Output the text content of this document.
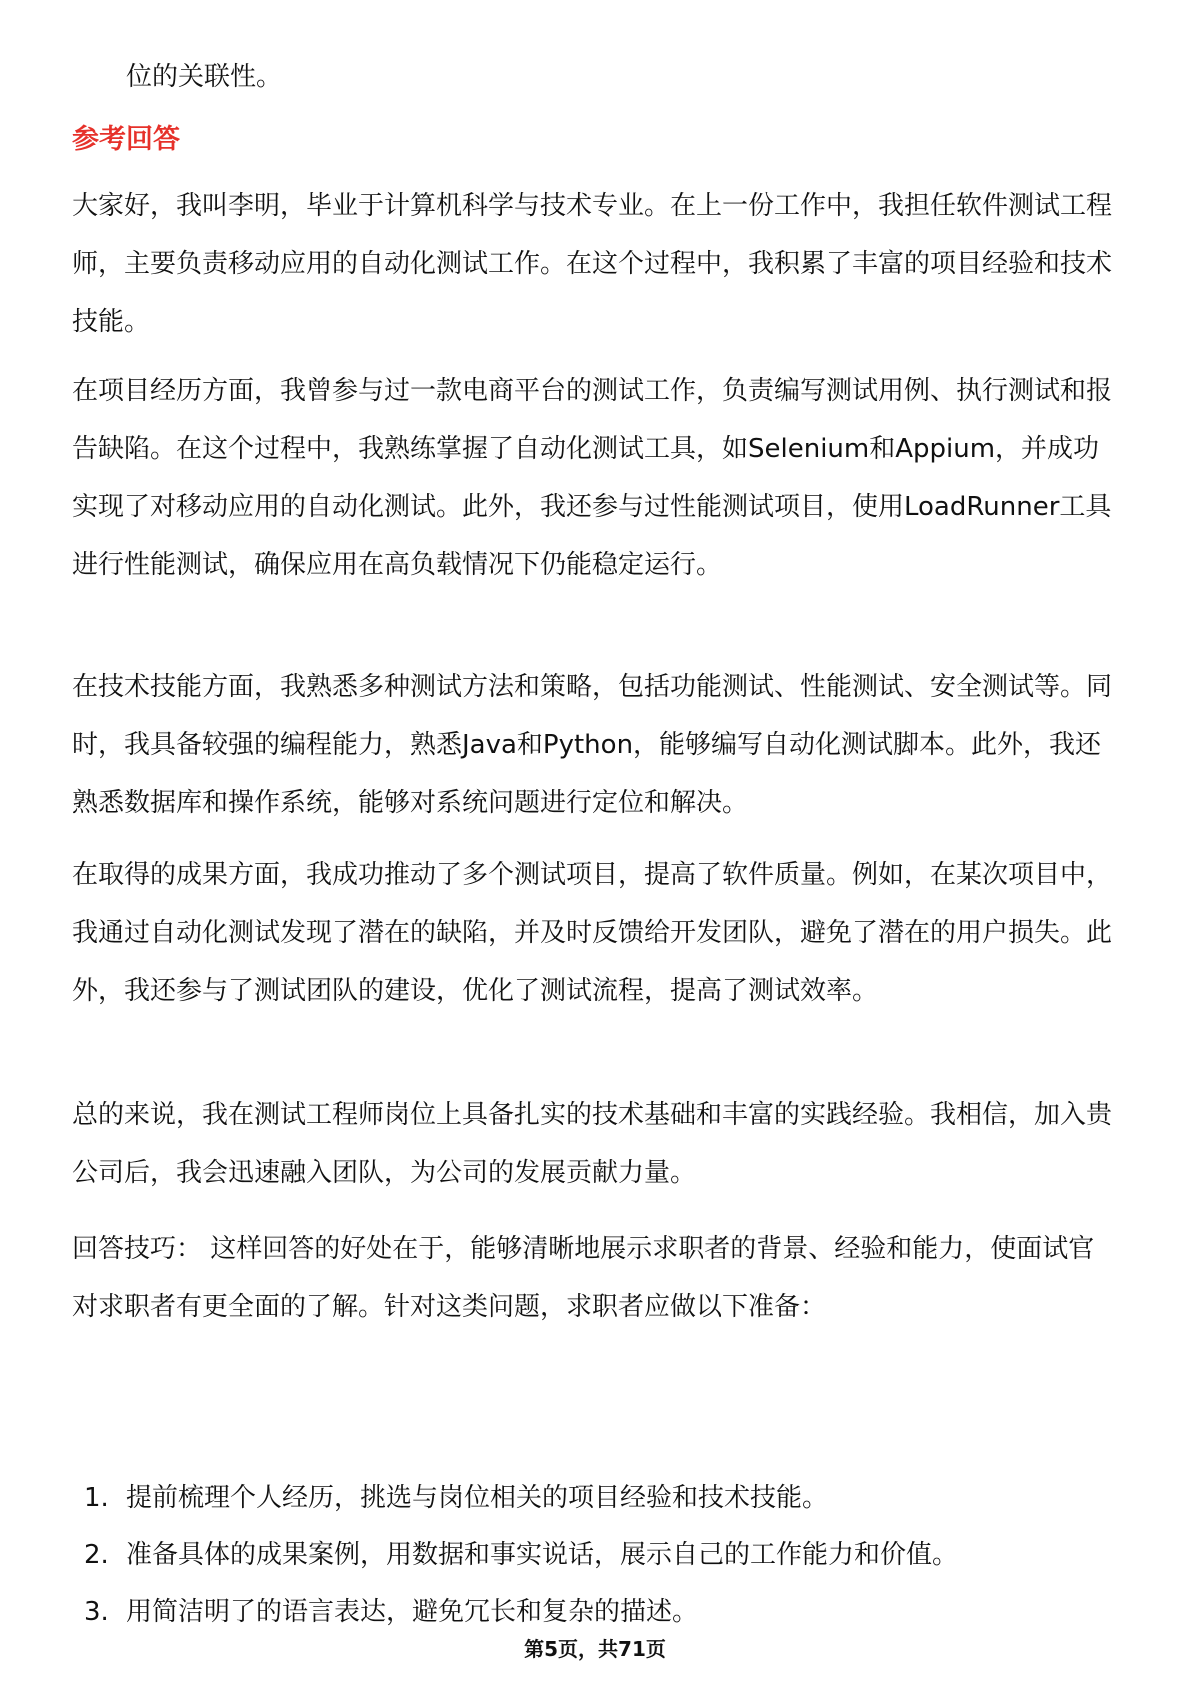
位的关联性。
参考回答

大家好，我叫李明，毕业于计算机科学与技术专业。在上一份工作中，我担任软件测试工程师，主要负责移动应用的自动化测试工作。在这个过程中，我积累了丰富的项目经验和技术技能。

在项目经历方面，我曾参与过一款电商平台的测试工作，负责编写测试用例、执行测试和报告缺陷。在这个过程中，我熟练掌握了自动化测试工具，如Selenium和Appium，并成功实现了对移动应用的自动化测试。此外，我还参与过性能测试项目，使用LoadRunner工具进行性能测试，确保应用在高负载情况下仍能稳定运行。

在技术技能方面，我熟悉多种测试方法和策略，包括功能测试、性能测试、安全测试等。同时，我具备较强的编程能力，熟悉Java和Python，能够编写自动化测试脚本。此外，我还熟悉数据库和操作系统，能够对系统问题进行定位和解决。

在取得的成果方面，我成功推动了多个测试项目，提高了软件质量。例如，在某次项目中，我通过自动化测试发现了潜在的缺陷，并及时反馈给开发团队，避免了潜在的用户损失。此外，我还参与了测试团队的建设，优化了测试流程，提高了测试效率。

总的来说，我在测试工程师岗位上具备扎实的技术基础和丰富的实践经验。我相信，加入贵公司后，我会迅速融入团队，为公司的发展贡献力量。

回答技巧： 这样回答的好处在于，能够清晰地展示求职者的背景、经验和能力，使面试官对求职者有更全面的了解。针对这类问题，求职者应做以下准备：

1. 提前梳理个人经历，挑选与岗位相关的项目经验和技术技能。
2. 准备具体的成果案例，用数据和事实说话，展示自己的工作能力和价值。
3. 用简洁明了的语言表达，避免冗长和复杂的描述。
第5页，共71页
